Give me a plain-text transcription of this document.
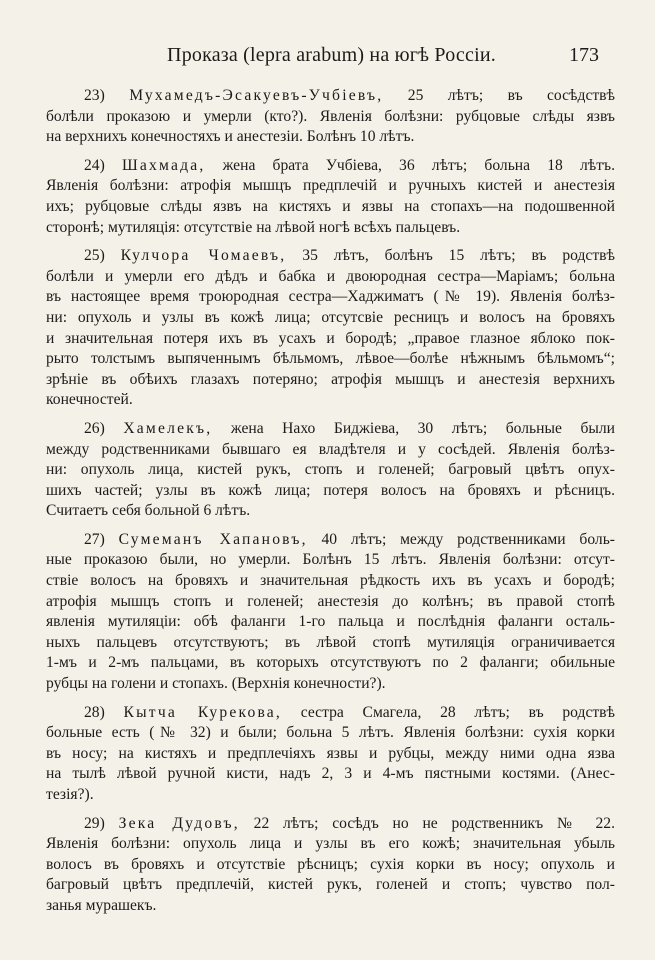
Проказа (lepra arabum) на югѣ Россіи.	173
23) Мухамедъ-Эсакуевъ-Учбіевъ, 25 лѣтъ; въ сосѣдствѣ
болѣли проказою и умерли (кто?). Явленія болѣзни: рубцовые слѣды язвъ
на верхнихъ конечностяхъ и анестезіи. Болѣнъ 10 лѣтъ.
24) Шахмада, жена брата Учбіева, 36 лѣтъ; больна 18 лѣтъ.
Явленія болѣзни: атрофія мышцъ предплечій и ручныхъ кистей и анестезія
ихъ; рубцовые слѣды язвъ на кистяхъ и язвы на стопахъ—на подошвенной
сторонѣ; мутиляція: отсутствіе на лѣвой ногѣ всѣхъ пальцевъ.
25) Кулчора Чомаевъ, 35 лѣтъ, болѣнъ 15 лѣтъ; въ родствѣ
болѣли и умерли его дѣдъ и бабка и двоюродная сестра—Маріамъ; больна
въ настоящее время троюродная сестра—Хаджиматъ (№ 19). Явленія болѣз-
ни: опухоль и узлы въ кожѣ лица; отсутсвіе ресницъ и волосъ на бровяхъ
и значительная потеря ихъ въ усахъ и бородѣ; „правое глазное яблоко пок-
рыто толстымъ выпяченнымъ бѣльмомъ, лѣвое—болѣе нѣжнымъ бѣльмомъ“;
зрѣніе въ обѣихъ глазахъ потеряно; атрофія мышцъ и анестезія верхнихъ
конечностей.
26) Хамелекъ, жена Нахо Биджіева, 30 лѣтъ; больные были
между родственниками бывшаго ея владѣтеля и у сосѣдей. Явленія болѣз-
ни: опухоль лица, кистей рукъ, стопъ и голеней; багровый цвѣтъ опух-
шихъ частей; узлы въ кожѣ лица; потеря волосъ на бровяхъ и рѣсницъ.
Считаетъ себя больной 6 лѣтъ.
27) Сумеманъ Хапановъ, 40 лѣтъ; между родственниками боль-
ные проказою были, но умерли. Болѣнъ 15 лѣтъ. Явленія болѣзни: отсут-
ствіе волосъ на бровяхъ и значительная рѣдкость ихъ въ усахъ и бородѣ;
атрофія мышцъ стопъ и голеней; анестезія до колѣнъ; въ правой стопѣ
явленія мутиляціи: обѣ фаланги 1-го пальца и послѣднія фаланги осталь-
ныхъ пальцевъ отсутствуютъ; въ лѣвой стопѣ мутиляція ограничивается
1-мъ и 2-мъ пальцами, въ которыхъ отсутствуютъ по 2 фаланги; обильные
рубцы на голени и стопахъ. (Верхнія конечности?).
28) Кытча Курекова, сестра Смагела, 28 лѣтъ; въ родствѣ
больные есть (№ 32) и были; больна 5 лѣтъ. Явленія болѣзни: сухія корки
въ носу; на кистяхъ и предплечіяхъ язвы и рубцы, между ними одна язва
на тылѣ лѣвой ручной кисти, надъ 2, 3 и 4-мъ пястными костями. (Анес-
тезія?).
29) Зека Дудовъ, 22 лѣтъ; сосѣдъ но не родственникъ № 22.
Явленія болѣзни: опухоль лица и узлы въ его кожѣ; значительная убыль
волосъ въ бровяхъ и отсутствіе рѣсницъ; сухія корки въ носу; опухоль и
багровый цвѣтъ предплечій, кистей рукъ, голеней и стопъ; чувство пол-
занья мурашекъ.
